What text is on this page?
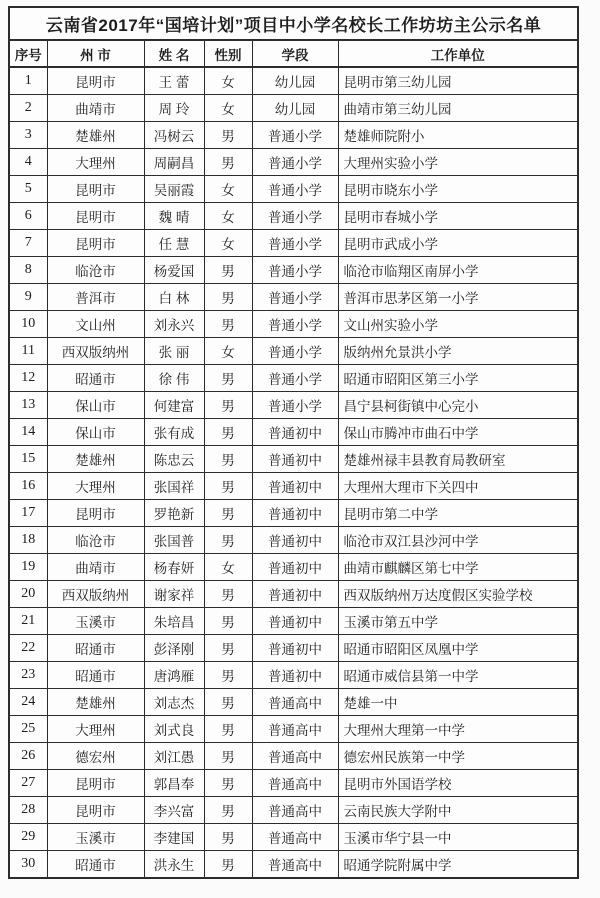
云南省2017年“国培计划”项目中小学名校长工作坊坊主公示名单					
序号	州 市	姓 名	性别	学段	工作单位
1	昆明市	王 蕾	女	幼儿园	昆明市第三幼儿园
2	曲靖市	周 玲	女	幼儿园	曲靖市第三幼儿园
3	楚雄州	冯树云	男	普通小学	楚雄师院附小
4	大理州	周嗣昌	男	普通小学	大理州实验小学
5	昆明市	吴丽霞	女	普通小学	昆明市晓东小学
6	昆明市	魏 晴	女	普通小学	昆明市春城小学
7	昆明市	任 慧	女	普通小学	昆明市武成小学
8	临沧市	杨爱国	男	普通小学	临沧市临翔区南屏小学
9	普洱市	白 林	男	普通小学	普洱市思茅区第一小学
10	文山州	刘永兴	男	普通小学	文山州实验小学
11	西双版纳州	张 丽	女	普通小学	版纳州允景洪小学
12	昭通市	徐 伟	男	普通小学	昭通市昭阳区第三小学
13	保山市	何建富	男	普通小学	昌宁县柯街镇中心完小
14	保山市	张有成	男	普通初中	保山市腾冲市曲石中学
15	楚雄州	陈忠云	男	普通初中	楚雄州禄丰县教育局教研室
16	大理州	张国祥	男	普通初中	大理州大理市下关四中
17	昆明市	罗艳新	男	普通初中	昆明市第二中学
18	临沧市	张国普	男	普通初中	临沧市双江县沙河中学
19	曲靖市	杨春妍	女	普通初中	曲靖市麒麟区第七中学
20	西双版纳州	谢家祥	男	普通初中	西双版纳州万达度假区实验学校
21	玉溪市	朱培昌	男	普通初中	玉溪市第五中学
22	昭通市	彭泽刚	男	普通初中	昭通市昭阳区凤凰中学
23	昭通市	唐鸿雁	男	普通初中	昭通市威信县第一中学
24	楚雄州	刘志杰	男	普通高中	楚雄一中
25	大理州	刘式良	男	普通高中	大理州大理第一中学
26	德宏州	刘江愚	男	普通高中	德宏州民族第一中学
27	昆明市	郭昌奉	男	普通高中	昆明市外国语学校
28	昆明市	李兴富	男	普通高中	云南民族大学附中
29	玉溪市	李建国	男	普通高中	玉溪市华宁县一中
30	昭通市	洪永生	男	普通高中	昭通学院附属中学
